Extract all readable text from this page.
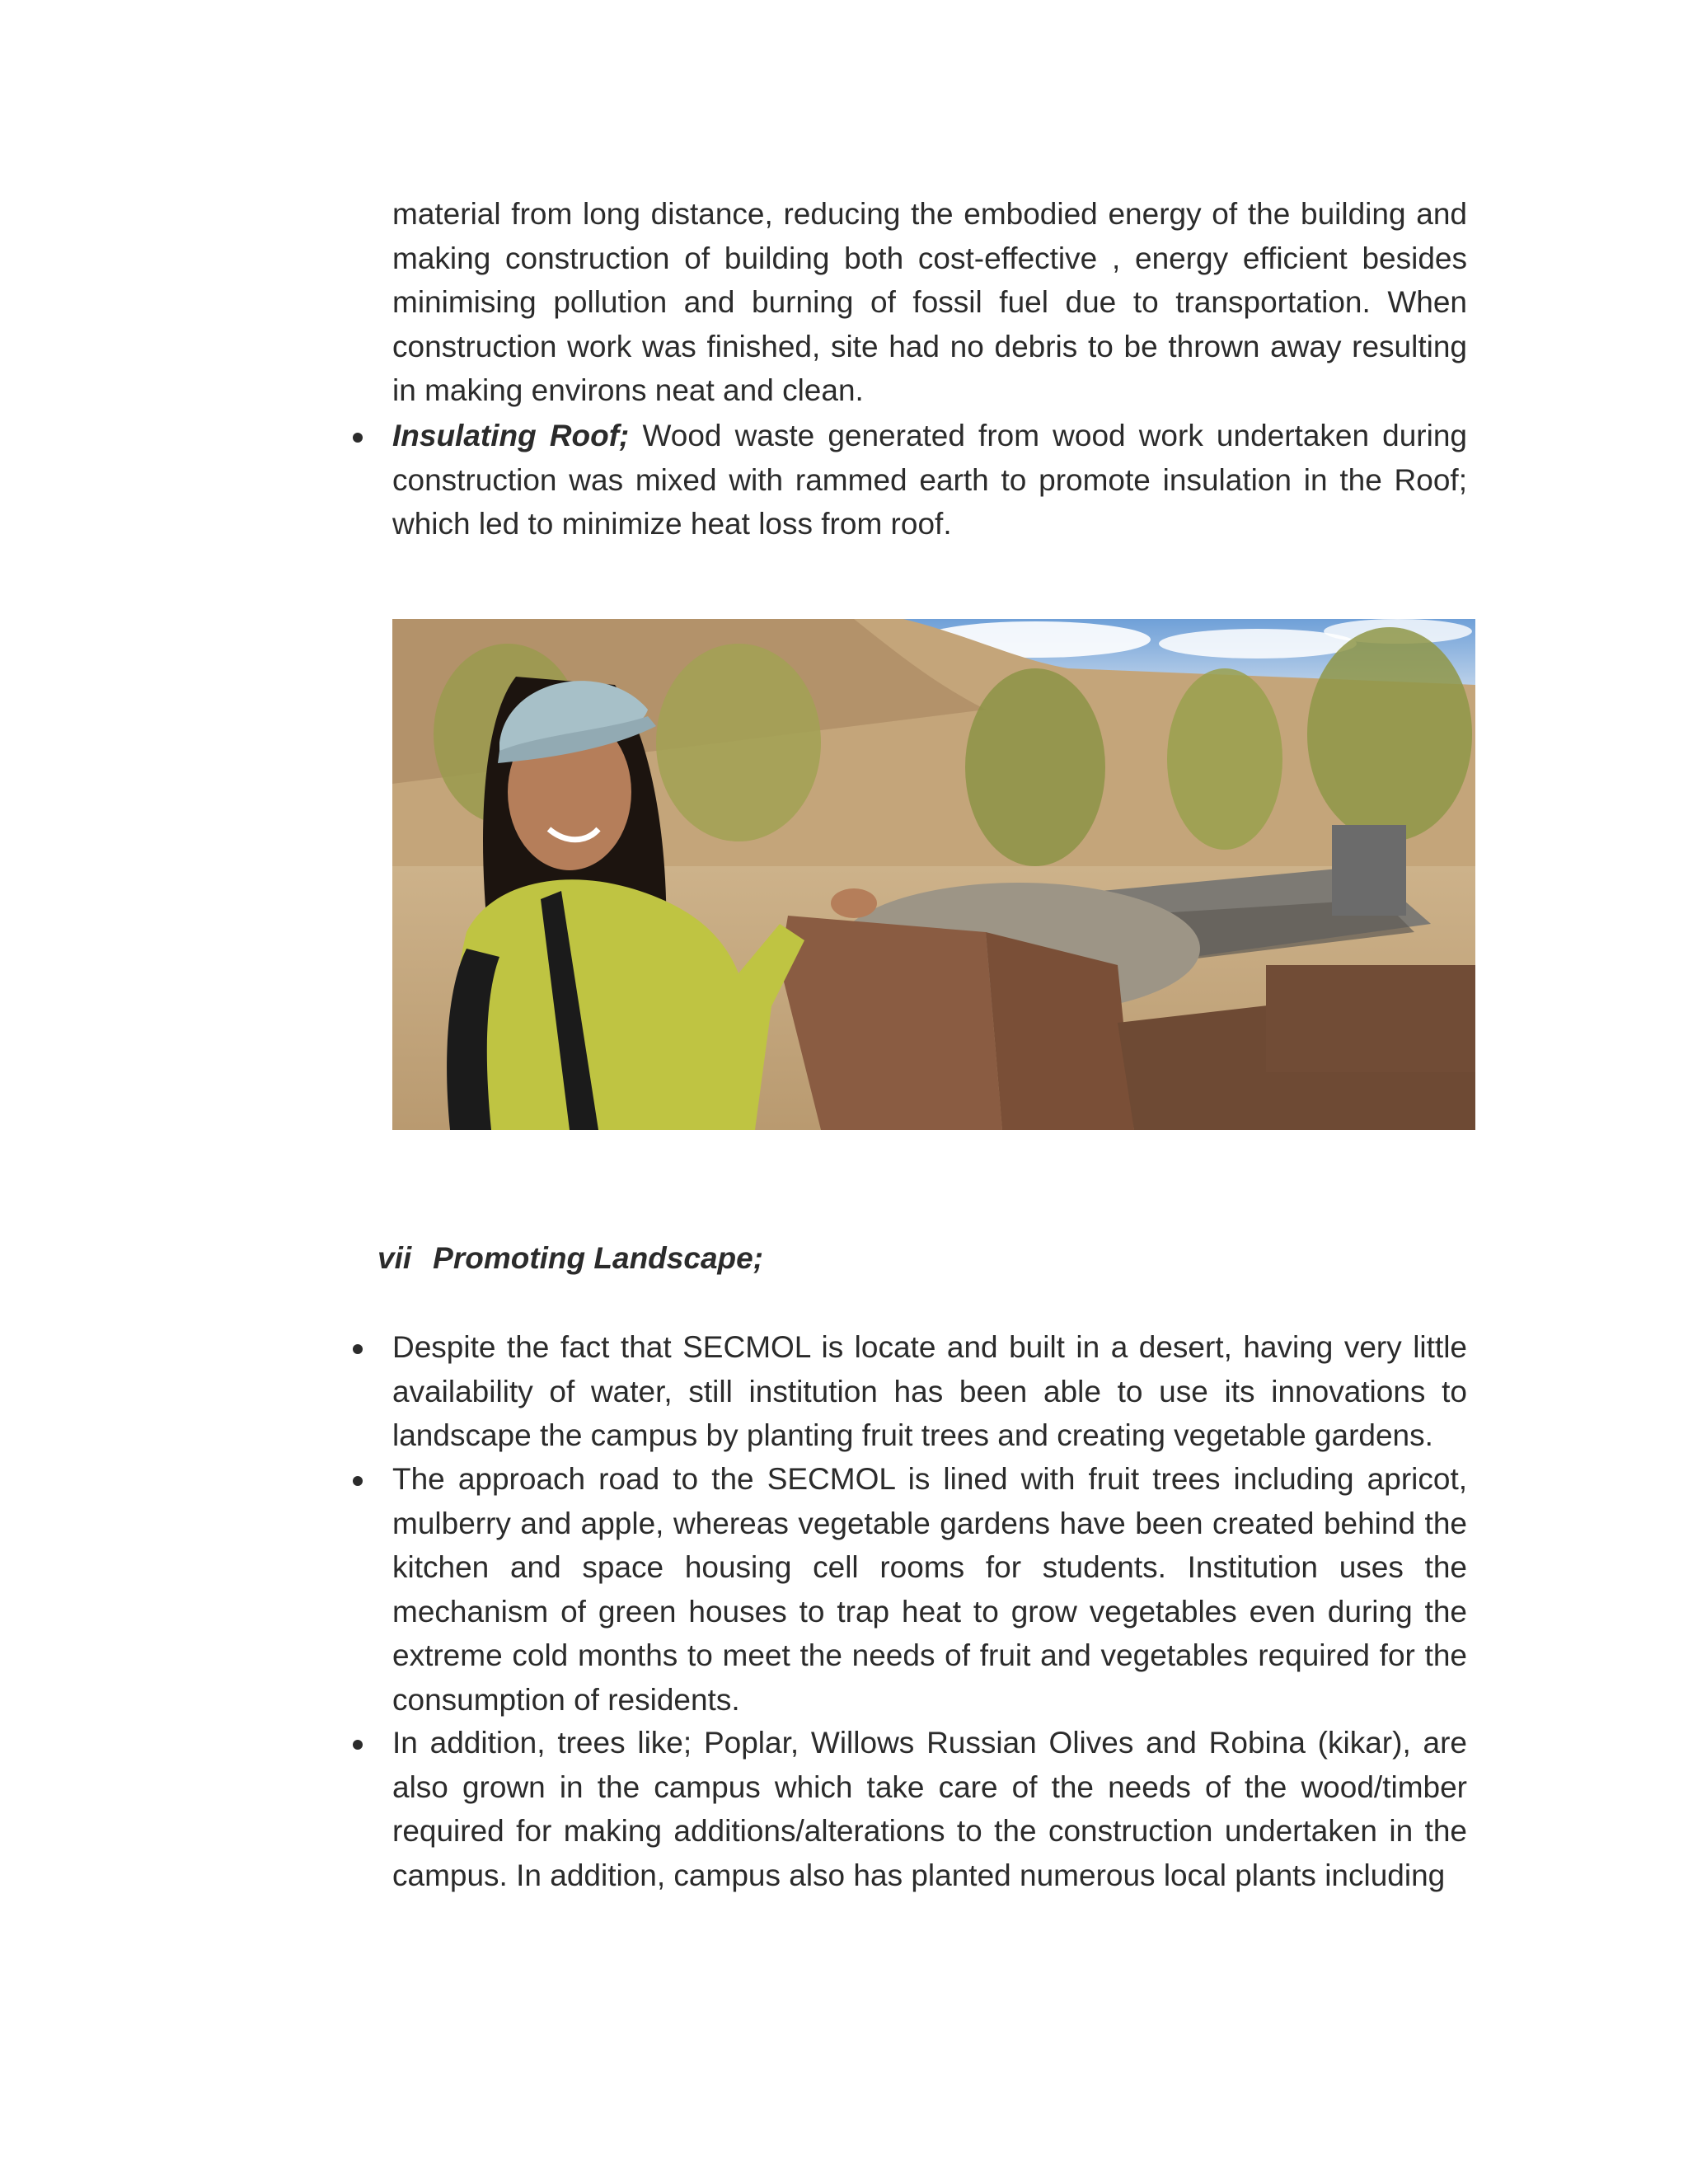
material from long distance, reducing the embodied energy of the building and making construction of building both cost-effective , energy efficient besides minimising pollution and burning of fossil fuel due to transportation. When construction work was finished, site had no debris to be thrown away resulting in making environs neat and clean.

Insulating Roof; Wood waste generated from wood work undertaken during construction was mixed with rammed earth to promote insulation in the Roof; which led to minimize heat loss from roof.

vii Promoting Landscape;

Despite the fact that SECMOL is locate and built in a desert, having very little availability of water, still institution has been able to use its innovations to landscape the campus by planting fruit trees and creating vegetable gardens.

The approach road to the SECMOL is lined with fruit trees including apricot, mulberry and apple, whereas vegetable gardens have been created behind the kitchen and space housing cell rooms for students. Institution uses the mechanism of green houses to trap heat to grow vegetables even during the extreme cold months to meet the needs of fruit and vegetables required for the consumption of residents.

In addition, trees like; Poplar, Willows Russian Olives and Robina (kikar), are also grown in the campus which take care of the needs of the wood/timber required for making additions/alterations to the construction undertaken in the campus. In addition, campus also has planted numerous local plants including
